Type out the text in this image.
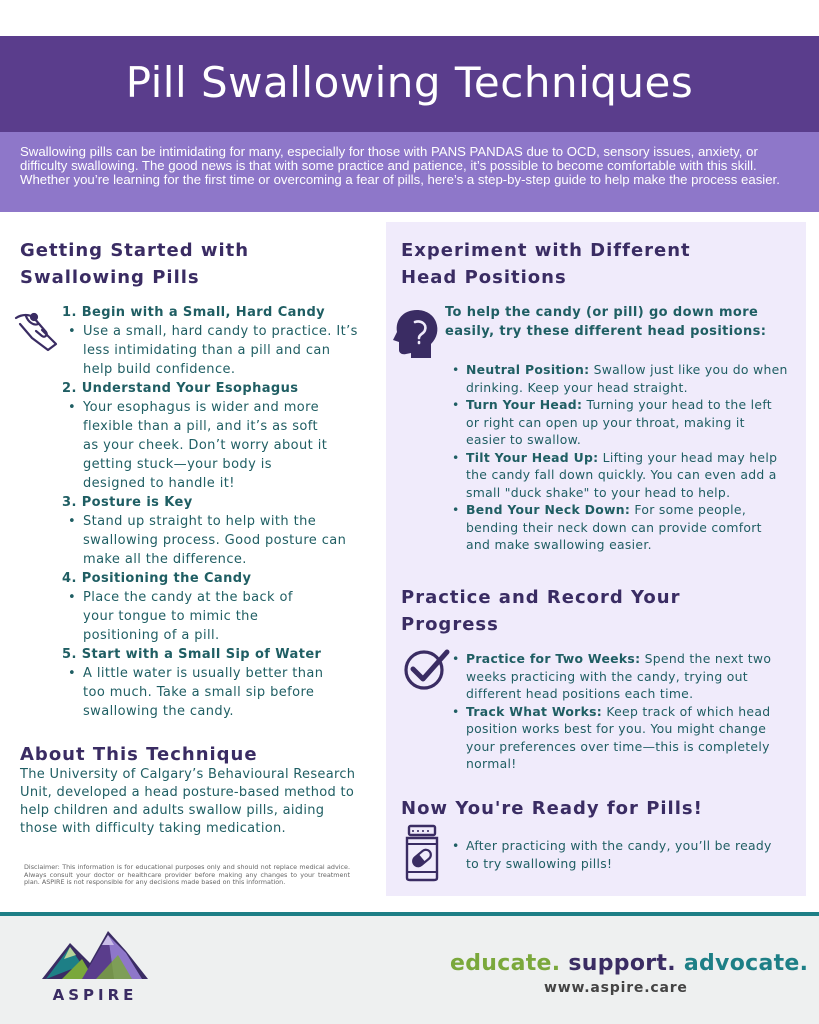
Pill Swallowing Techniques

Swallowing pills can be intimidating for many, especially for those with PANS PANDAS due to OCD, sensory issues, anxiety, or difficulty swallowing. The good news is that with some practice and patience, it’s possible to become comfortable with this skill. Whether you’re learning for the first time or overcoming a fear of pills, here’s a step-by-step guide to help make the process easier.

Getting Started with
Swallowing Pills
1. Begin with a Small, Hard Candy
• Use a small, hard candy to practice. It’s less intimidating than a pill and can help build confidence.
2. Understand Your Esophagus
• Your esophagus is wider and more flexible than a pill, and it’s as soft as your cheek. Don’t worry about it getting stuck—your body is designed to handle it!
3. Posture is Key
• Stand up straight to help with the swallowing process. Good posture can make all the difference.
4. Positioning the Candy
• Place the candy at the back of your tongue to mimic the positioning of a pill.
5. Start with a Small Sip of Water
• A little water is usually better than too much. Take a small sip before swallowing the candy.
About This Technique

The University of Calgary’s Behavioural Research Unit, developed a head posture-based method to help children and adults swallow pills, aiding those with difficulty taking medication.

Disclaimer: This information is for educational purposes only and should not replace medical advice. Always consult your doctor or healthcare provider before making any changes to your treatment plan. ASPIRE is not responsible for any decisions made based on this information.

Experiment with Different
Head Positions
To help the candy (or pill) go down more easily, try these different head positions:
• Neutral Position: Swallow just like you do when drinking. Keep your head straight.
• Turn Your Head: Turning your head to the left or right can open up your throat, making it easier to swallow.
• Tilt Your Head Up: Lifting your head may help the candy fall down quickly. You can even add a small "duck shake" to your head to help.
• Bend Your Neck Down: For some people, bending their neck down can provide comfort and make swallowing easier.
Practice and Record Your
Progress
• Practice for Two Weeks: Spend the next two weeks practicing with the candy, trying out different head positions each time.
• Track What Works: Keep track of which head position works best for you. You might change your preferences over time—this is completely normal!
Now You're Ready for Pills!
• After practicing with the candy, you’ll be ready to try swallowing pills!
ASPIRE
educate. support. advocate.
www.aspire.care
